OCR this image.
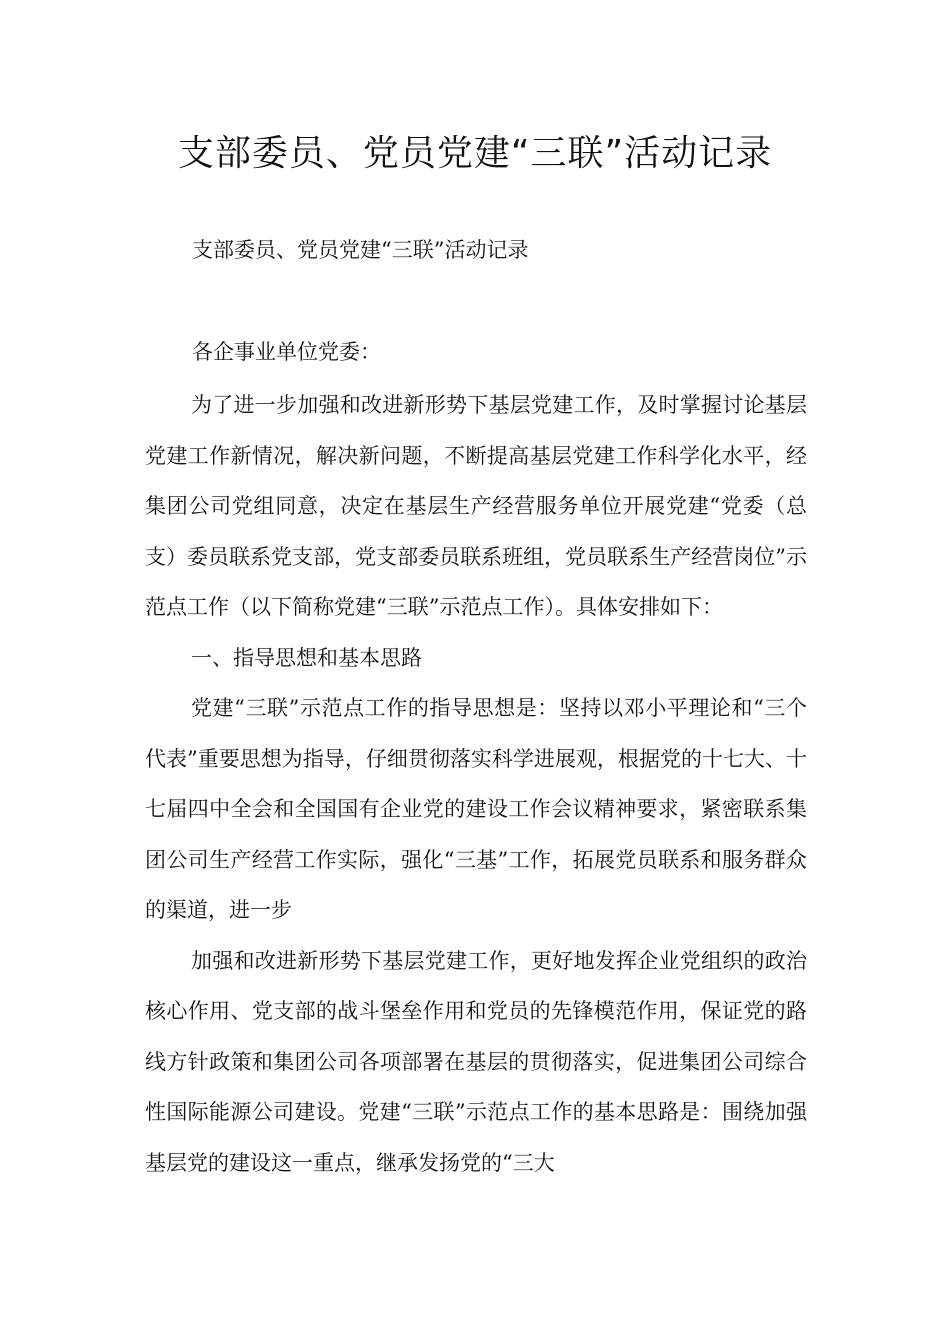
支部委员、党员党建“三联”活动记录

支部委员、党员党建“三联”活动记录

各企事业单位党委：

为了进一步加强和改进新形势下基层党建工作，及时掌握讨论基层党建工作新情况，解决新问题，不断提高基层党建工作科学化水平，经集团公司党组同意，决定在基层生产经营服务单位开展党建“党委（总支）委员联系党支部，党支部委员联系班组，党员联系生产经营岗位”示范点工作（以下简称党建“三联”示范点工作）。具体安排如下：

一、指导思想和基本思路

党建“三联”示范点工作的指导思想是：坚持以邓小平理论和“三个代表”重要思想为指导，仔细贯彻落实科学进展观，根据党的十七大、十七届四中全会和全国国有企业党的建设工作会议精神要求，紧密联系集团公司生产经营工作实际，强化“三基”工作，拓展党员联系和服务群众的渠道，进一步

加强和改进新形势下基层党建工作，更好地发挥企业党组织的政治核心作用、党支部的战斗堡垒作用和党员的先锋模范作用，保证党的路线方针政策和集团公司各项部署在基层的贯彻落实，促进集团公司综合性国际能源公司建设。党建“三联”示范点工作的基本思路是：围绕加强基层党的建设这一重点，继承发扬党的“三大
